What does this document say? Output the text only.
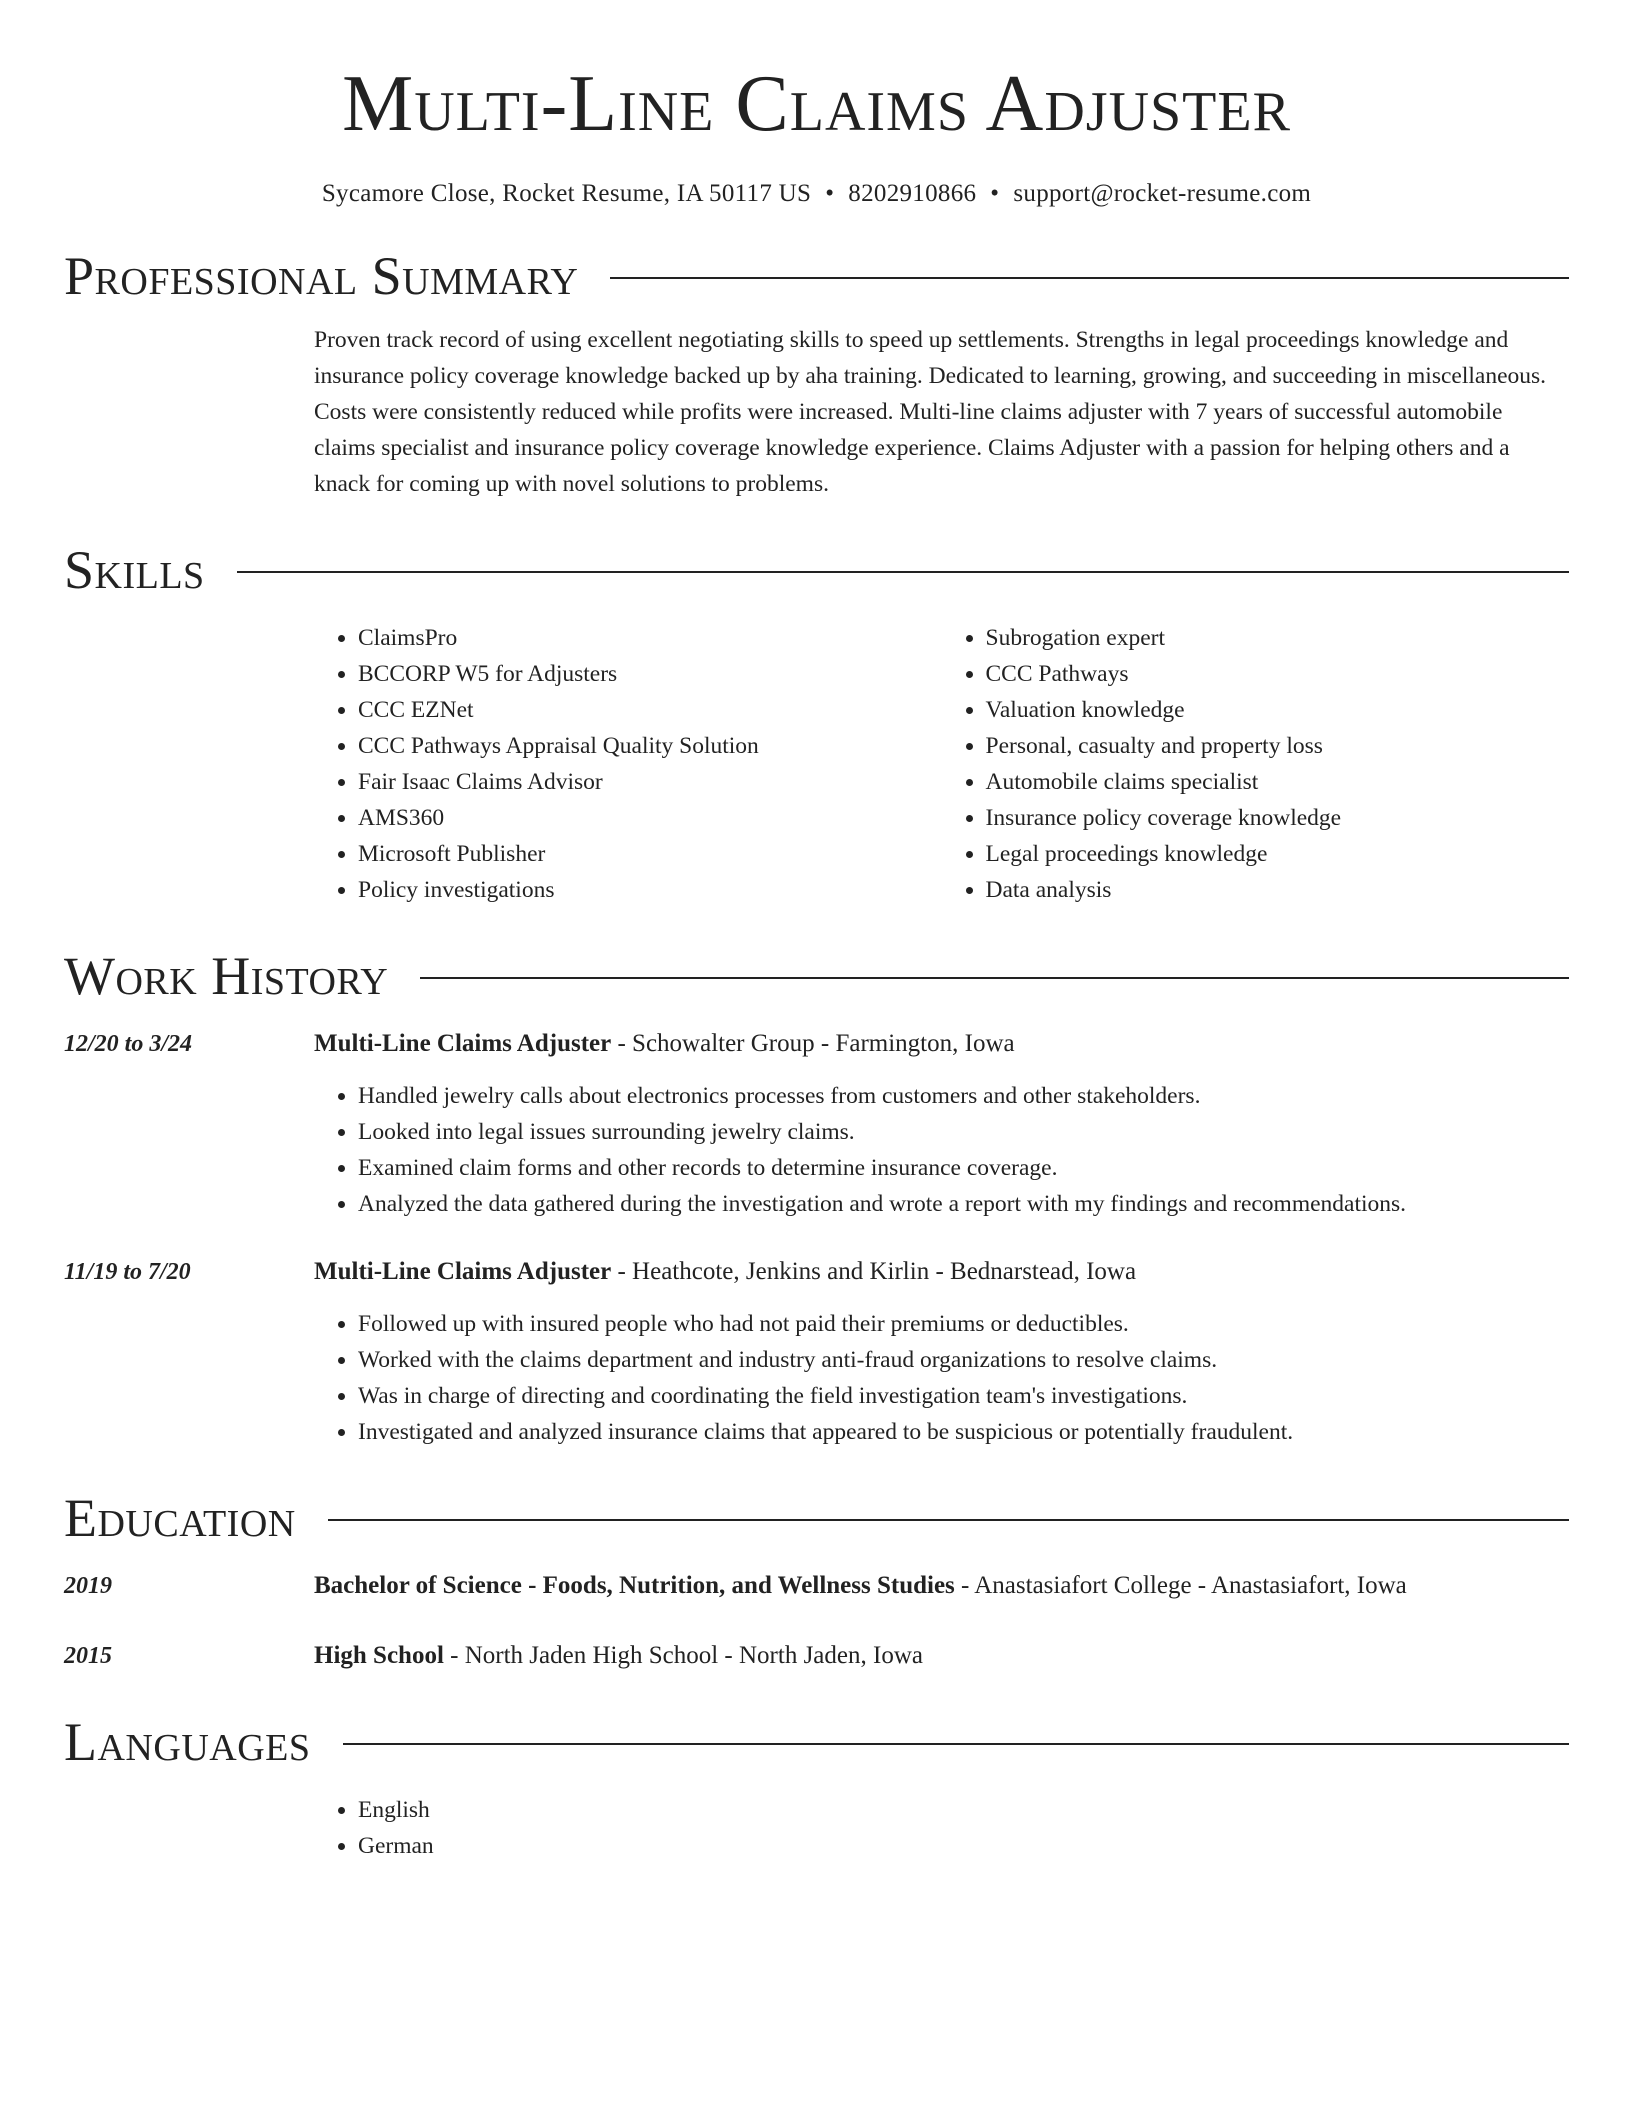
Multi-Line Claims Adjuster
Sycamore Close, Rocket Resume, IA 50117 US • 8202910866 • support@rocket-resume.com
Professional Summary
Proven track record of using excellent negotiating skills to speed up settlements. Strengths in legal proceedings knowledge and insurance policy coverage knowledge backed up by aha training. Dedicated to learning, growing, and succeeding in miscellaneous. Costs were consistently reduced while profits were increased. Multi-line claims adjuster with 7 years of successful automobile claims specialist and insurance policy coverage knowledge experience. Claims Adjuster with a passion for helping others and a knack for coming up with novel solutions to problems.
Skills
• ClaimsPro
• BCCORP W5 for Adjusters
• CCC EZNet
• CCC Pathways Appraisal Quality Solution
• Fair Isaac Claims Advisor
• AMS360
• Microsoft Publisher
• Policy investigations
• Subrogation expert
• CCC Pathways
• Valuation knowledge
• Personal, casualty and property loss
• Automobile claims specialist
• Insurance policy coverage knowledge
• Legal proceedings knowledge
• Data analysis
Work History
12/20 to 3/24	Multi-Line Claims Adjuster - Schowalter Group - Farmington, Iowa
• Handled jewelry calls about electronics processes from customers and other stakeholders.
• Looked into legal issues surrounding jewelry claims.
• Examined claim forms and other records to determine insurance coverage.
• Analyzed the data gathered during the investigation and wrote a report with my findings and recommendations.
11/19 to 7/20	Multi-Line Claims Adjuster - Heathcote, Jenkins and Kirlin - Bednarstead, Iowa
• Followed up with insured people who had not paid their premiums or deductibles.
• Worked with the claims department and industry anti-fraud organizations to resolve claims.
• Was in charge of directing and coordinating the field investigation team's investigations.
• Investigated and analyzed insurance claims that appeared to be suspicious or potentially fraudulent.
Education
2019	Bachelor of Science - Foods, Nutrition, and Wellness Studies - Anastasiafort College - Anastasiafort, Iowa
2015	High School - North Jaden High School - North Jaden, Iowa
Languages
• English
• German
